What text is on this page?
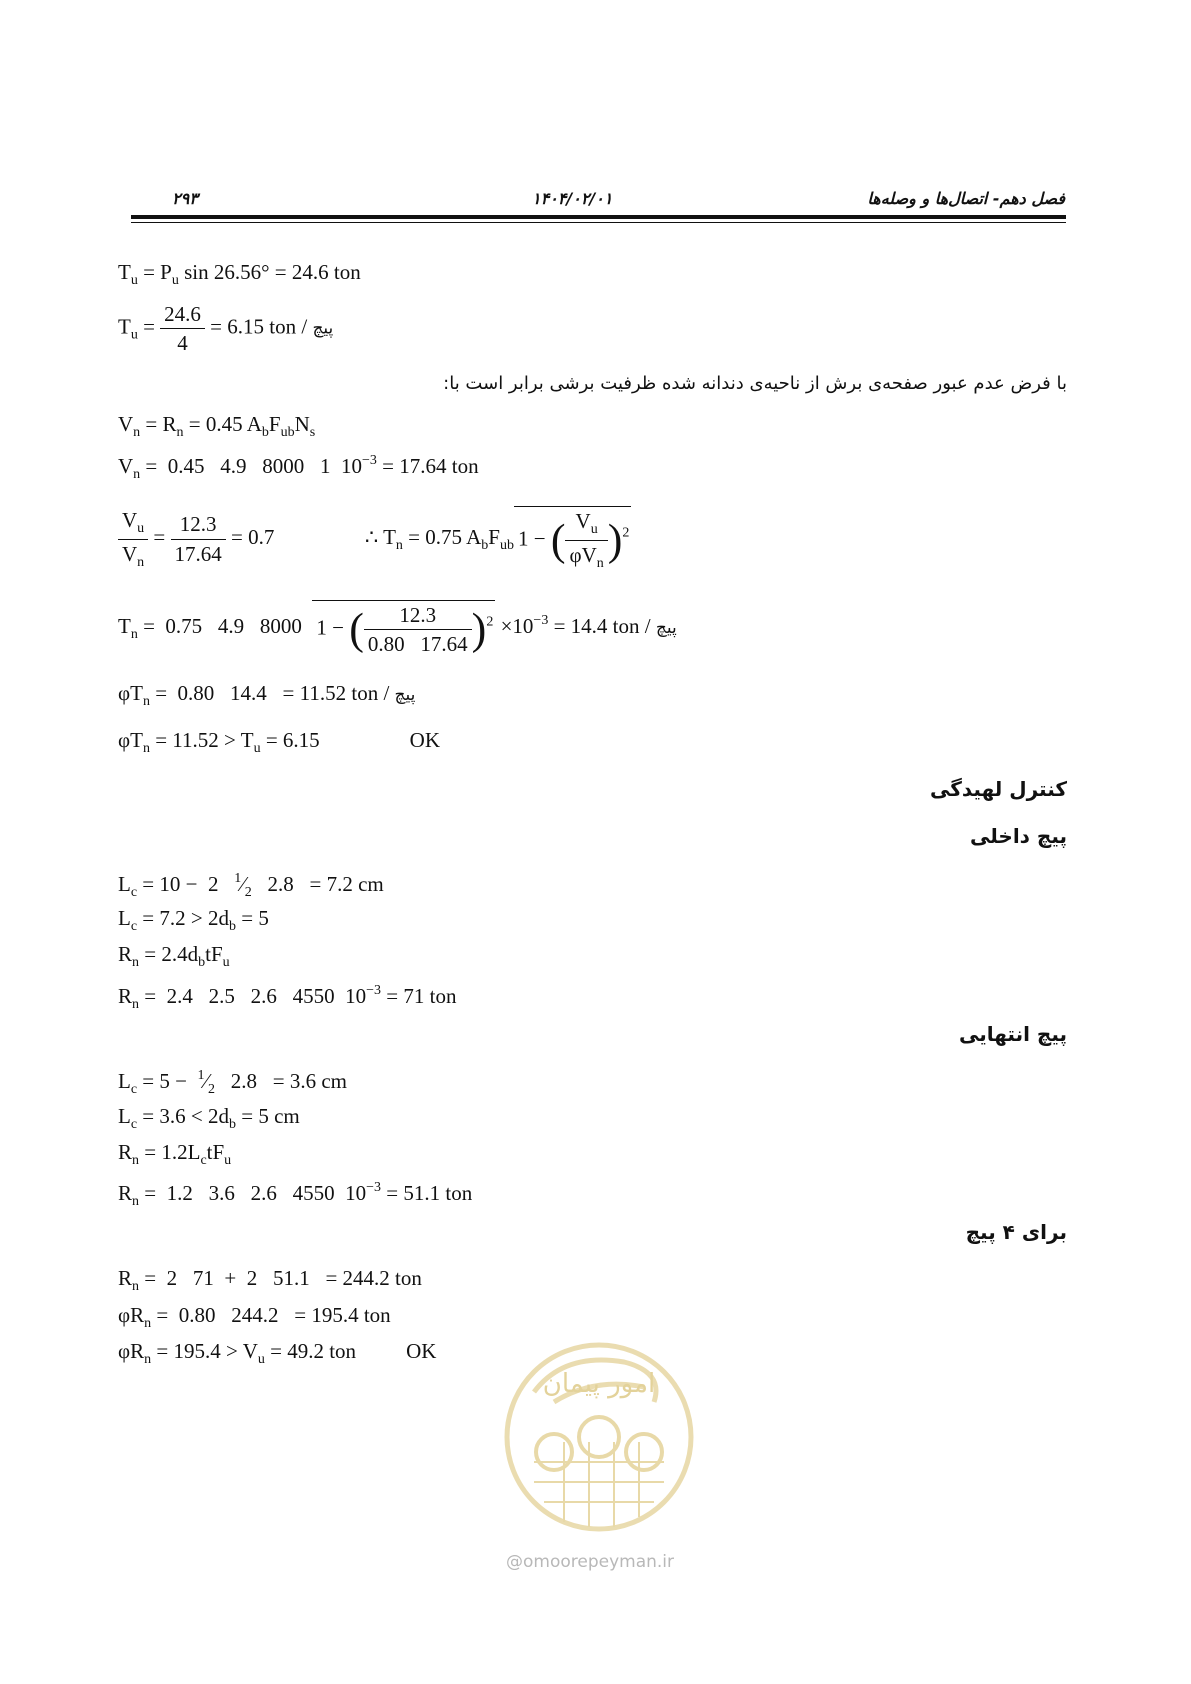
۲۹۳	۱۴۰۴/۰۲/۰۱	فصل دهم- اتصال‌ها و وصله‌ها
$T_u = P_u$ sin 26.56° = 24.6 ton
$T_u = \frac{24.6}{4} = 6.15$ ton / پیچ
با فرض عدم عبور صفحه‌ی برش از ناحیه‌ی دندانه شده ظرفیت برشی برابر است با:
$V_n = R_n = 0.45$ $A_bF_{ub}N_s$
$V_n = 0.45$   4.9   8000   1  $10^{-3} = 17.64$ ton
$\frac{V_u}{V_n} = \frac{12.3}{17.64} = 0.7$	∴ $T_n = 0.75$ $A_bF_{ub}$ 1 − ( $\frac{V_u}{\varphi V_n} )^2$
$T_n = 0.75$   4.9   8000  1 − ( $\frac{12.3}{0.80 17.64} )^2 \times 10^{-3} = 14.4$ ton / پیچ
$\varphi T_n = 0.80$   14.4   = 11.52 ton / پیچ
$\varphi T_n = 11.52 > T_u = 6.15$	OK
کنترل لهیدگی
پیچ داخلی
$L_c = 10 - 2$   $^1⁄_2$   2.8   = 7.2 cm
$L_c = 7.2 > 2d_b = 5$
$R_n = 2.4d_btF_u$
$R_n = 2.4$   2.5   2.6   4550  $10^{-3} = 71$ ton
پیچ انتهایی
$L_c = 5$ −  $^1⁄_2$   2.8   = 3.6 cm
$L_c = 3.6 < 2d_b = 5$ cm
$R_n = 1.2L_ctF_u$
$R_n = 1.2$   3.6   2.6   4550  $10^{-3} = 51.1$ ton
برای ۴ پیچ
$R_n = 2$   71  +  2   51.1   = 244.2 ton
$\varphi R_n = 0.80$   244.2   = 195.4 ton
$\varphi R_n = 195.4 > V_u = 49.2$ ton OK
امور پیمان
@omoorepeyman.ir
